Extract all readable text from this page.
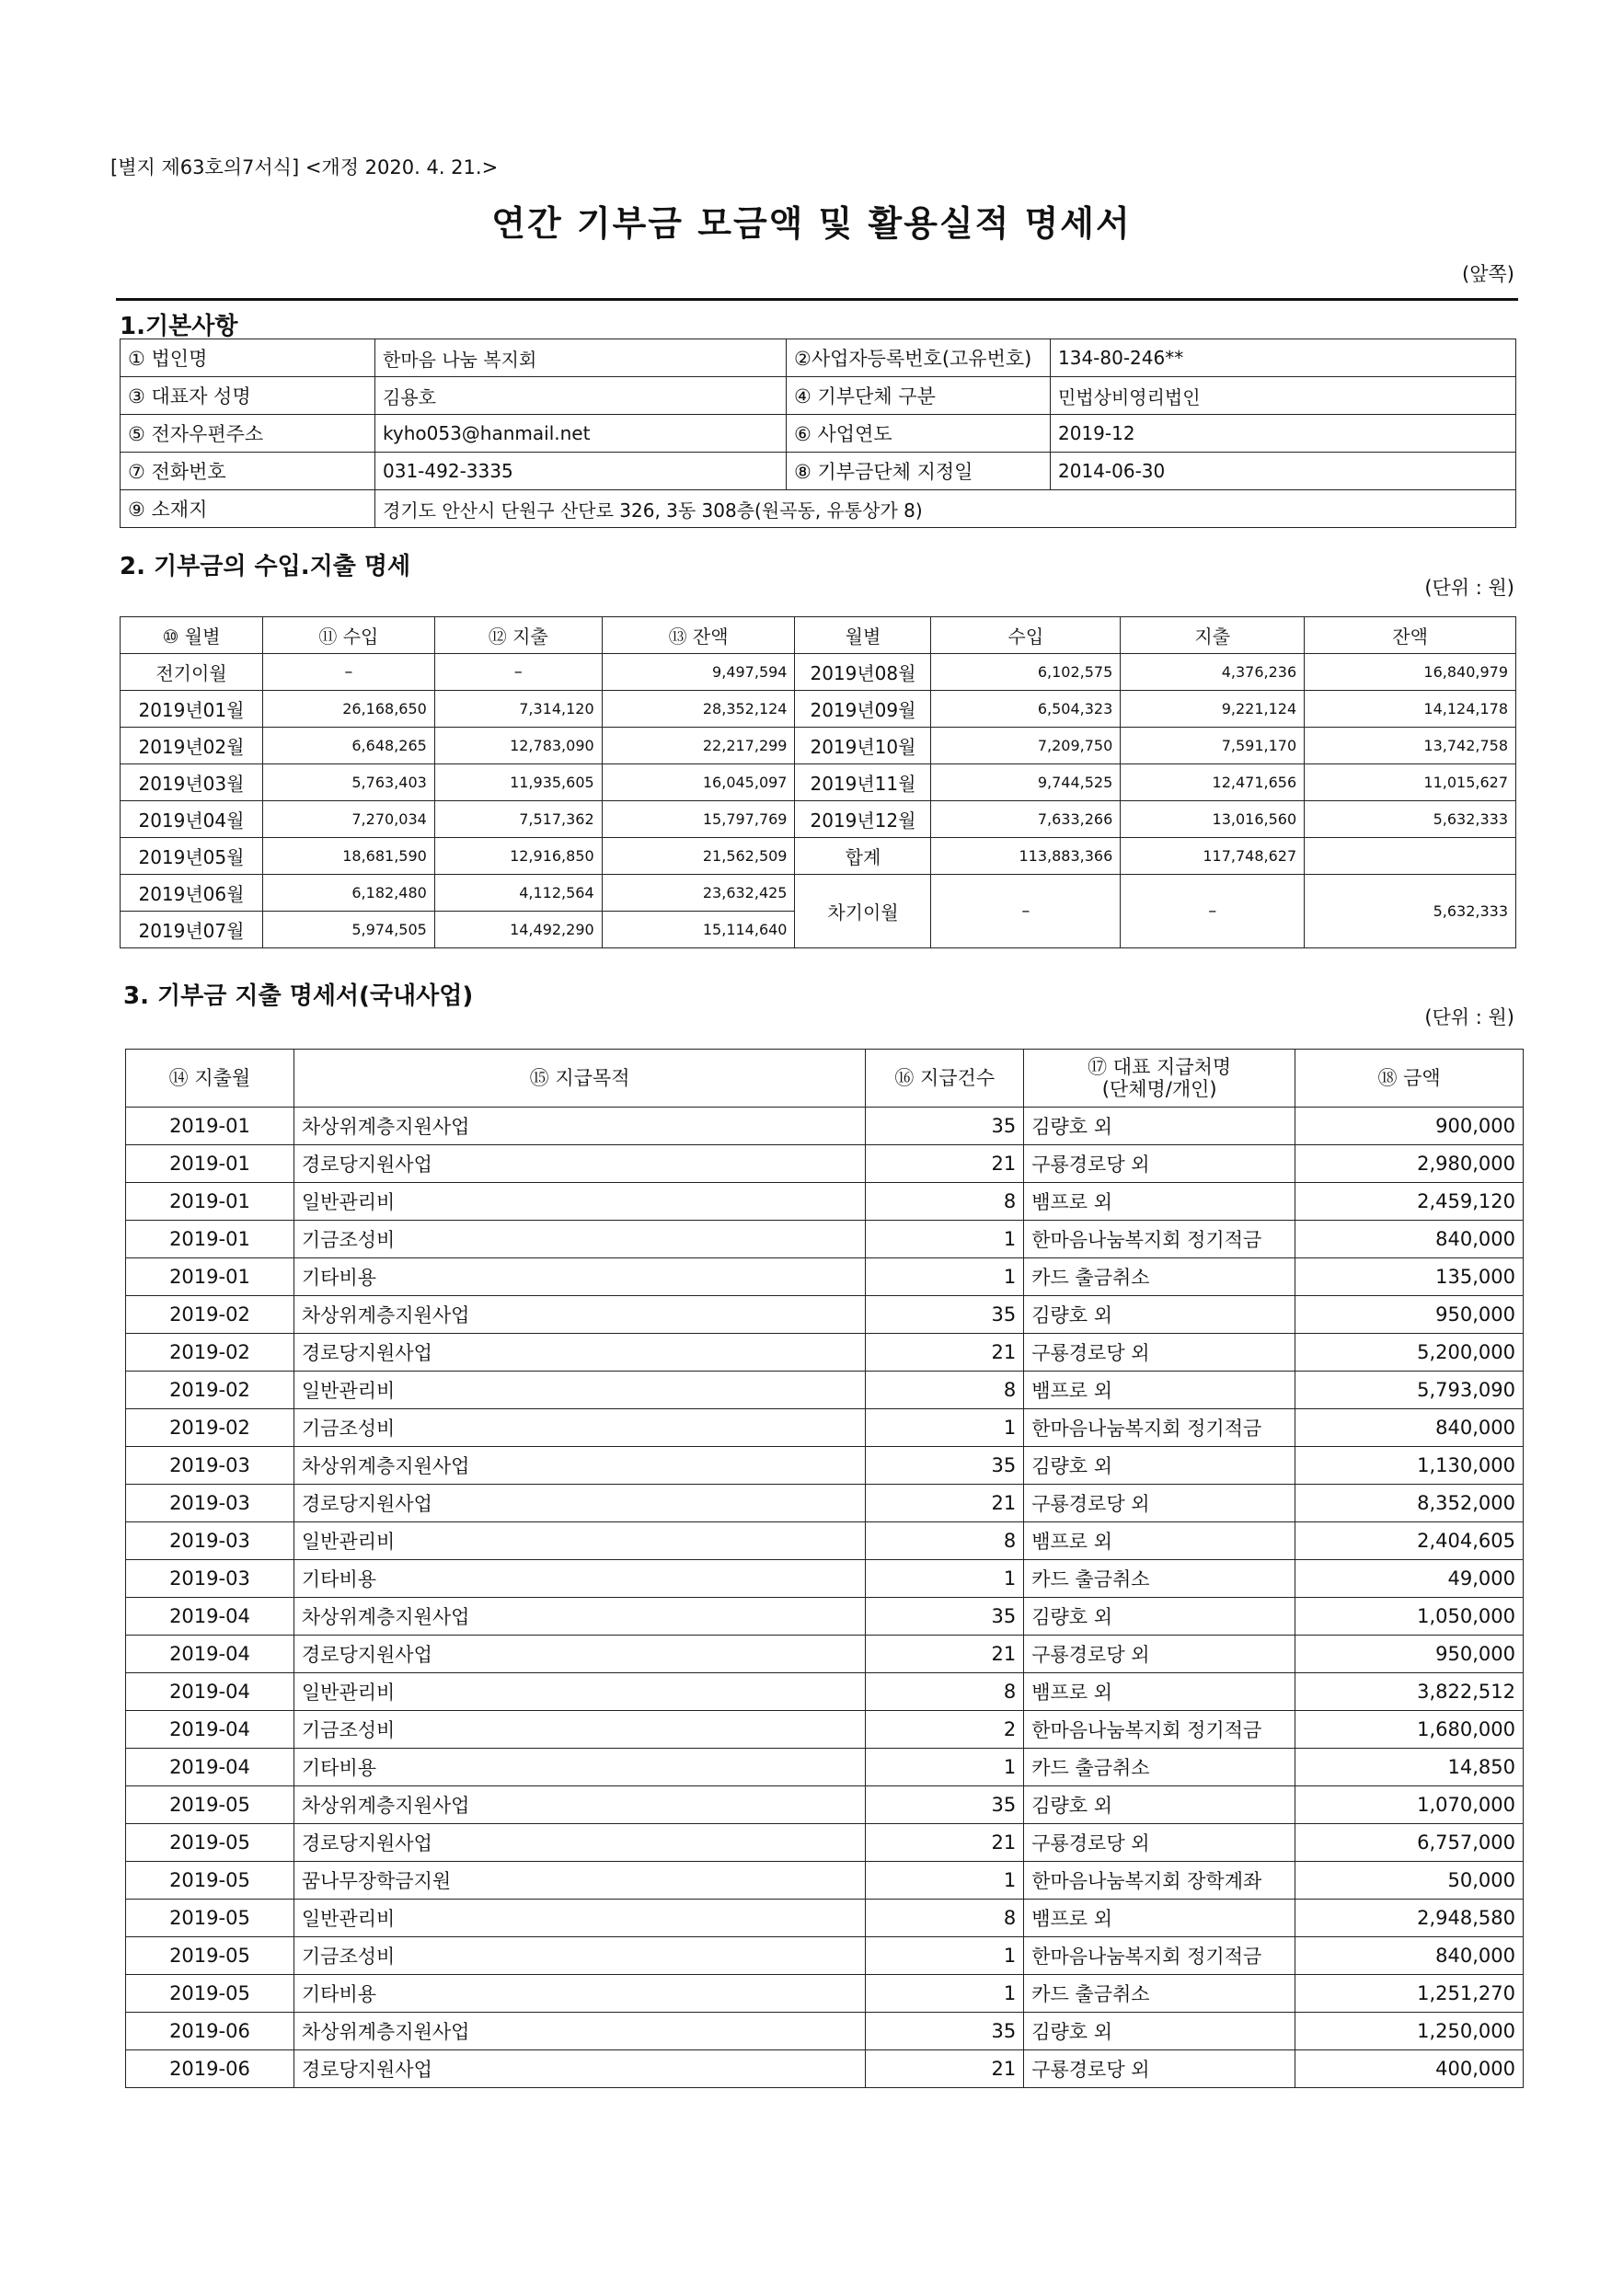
[별지 제63호의7서식] <개정 2020. 4. 21.>
연간 기부금 모금액 및 활용실적 명세서
(앞쪽)
1.기본사항
① 법인명	한마음 나눔 복지회	②사업자등록번호(고유번호)	134-80-246**
③ 대표자 성명	김용호	④ 기부단체 구분	민법상비영리법인
⑤ 전자우편주소	kyho053@hanmail.net	⑥ 사업연도	2019-12
⑦ 전화번호	031-492-3335	⑧ 기부금단체 지정일	2014-06-30
⑨ 소재지	경기도 안산시 단원구 산단로 326, 3동 308층(원곡동, 유통상가 8)		
2. 기부금의 수입.지출 명세
(단위 : 원)
⑩ 월별	⑪ 수입	⑫ 지출	⑬ 잔액	월별	수입	지출	잔액
전기이월	–	–	9,497,594	2019년08월	6,102,575	4,376,236	16,840,979
2019년01월	26,168,650	7,314,120	28,352,124	2019년09월	6,504,323	9,221,124	14,124,178
2019년02월	6,648,265	12,783,090	22,217,299	2019년10월	7,209,750	7,591,170	13,742,758
2019년03월	5,763,403	11,935,605	16,045,097	2019년11월	9,744,525	12,471,656	11,015,627
2019년04월	7,270,034	7,517,362	15,797,769	2019년12월	7,633,266	13,016,560	5,632,333
2019년05월	18,681,590	12,916,850	21,562,509	합계	113,883,366	117,748,627	
2019년06월	6,182,480	4,112,564	23,632,425	차기이월	–	–	5,632,333
2019년07월	5,974,505	14,492,290	15,114,640				
3. 기부금 지출 명세서(국내사업)
(단위 : 원)
⑭ 지출월	⑮ 지급목적	⑯ 지급건수	⑰ 대표 지급처명
(단체명/개인)	⑱ 금액
2019-01	차상위계층지원사업	35	김량호 외	900,000
2019-01	경로당지원사업	21	구룡경로당 외	2,980,000
2019-01	일반관리비	8	뱀프로 외	2,459,120
2019-01	기금조성비	1	한마음나눔복지회 정기적금	840,000
2019-01	기타비용	1	카드 출금취소	135,000
2019-02	차상위계층지원사업	35	김량호 외	950,000
2019-02	경로당지원사업	21	구룡경로당 외	5,200,000
2019-02	일반관리비	8	뱀프로 외	5,793,090
2019-02	기금조성비	1	한마음나눔복지회 정기적금	840,000
2019-03	차상위계층지원사업	35	김량호 외	1,130,000
2019-03	경로당지원사업	21	구룡경로당 외	8,352,000
2019-03	일반관리비	8	뱀프로 외	2,404,605
2019-03	기타비용	1	카드 출금취소	49,000
2019-04	차상위계층지원사업	35	김량호 외	1,050,000
2019-04	경로당지원사업	21	구룡경로당 외	950,000
2019-04	일반관리비	8	뱀프로 외	3,822,512
2019-04	기금조성비	2	한마음나눔복지회 정기적금	1,680,000
2019-04	기타비용	1	카드 출금취소	14,850
2019-05	차상위계층지원사업	35	김량호 외	1,070,000
2019-05	경로당지원사업	21	구룡경로당 외	6,757,000
2019-05	꿈나무장학금지원	1	한마음나눔복지회 장학계좌	50,000
2019-05	일반관리비	8	뱀프로 외	2,948,580
2019-05	기금조성비	1	한마음나눔복지회 정기적금	840,000
2019-05	기타비용	1	카드 출금취소	1,251,270
2019-06	차상위계층지원사업	35	김량호 외	1,250,000
2019-06	경로당지원사업	21	구룡경로당 외	400,000
